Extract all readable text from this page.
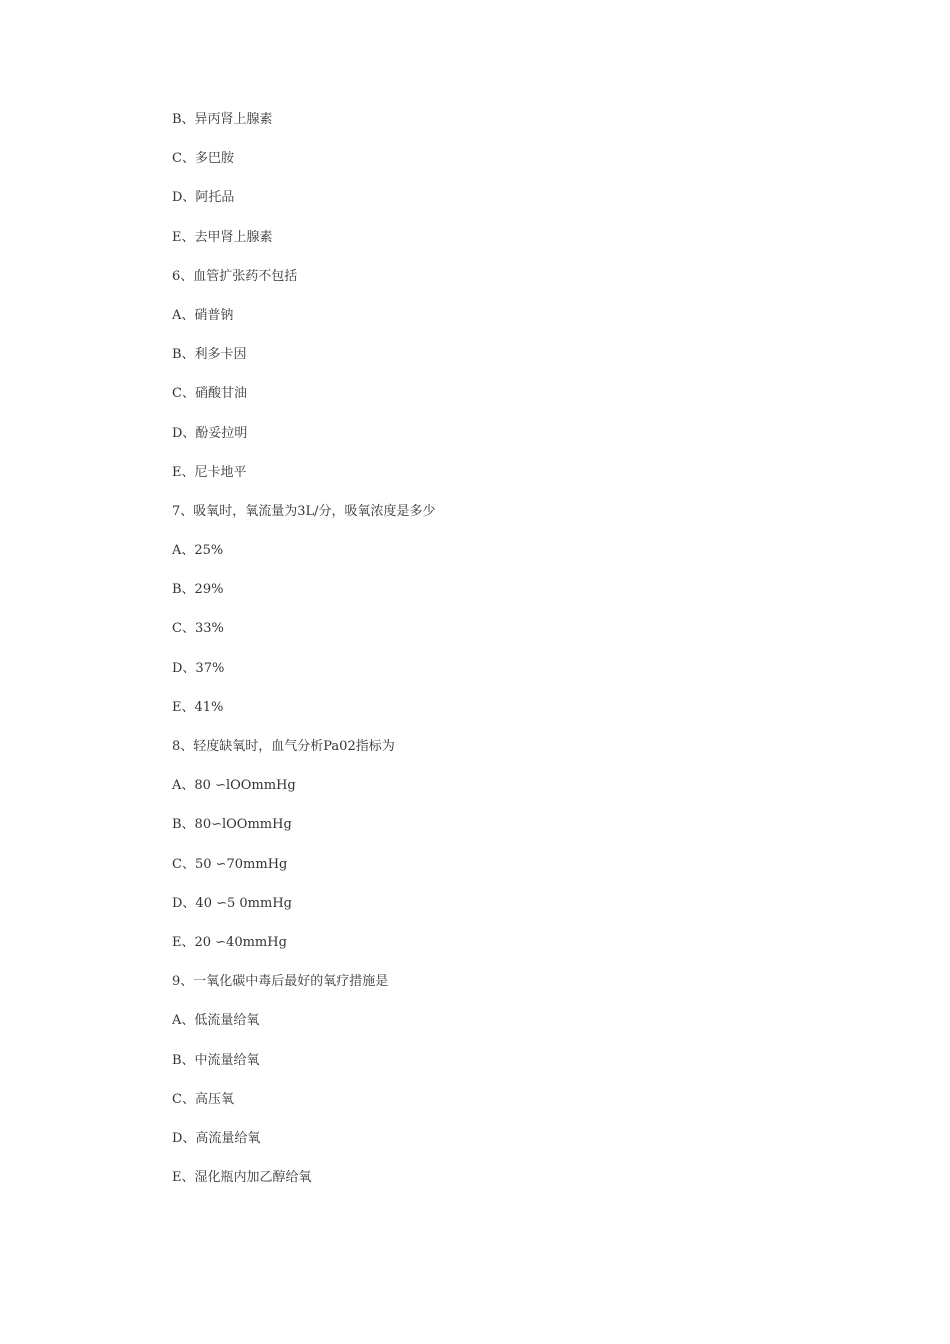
B、异丙肾上腺素
C、多巴胺
D、阿托品
E、去甲肾上腺素
6、血管扩张药不包括
A、硝普钠
B、利多卡因
C、硝酸甘油
D、酚妥拉明
E、尼卡地平
7、吸氧时，氧流量为3L/分，吸氧浓度是多少
A、25%
B、29%
C、33%
D、37%
E、41%
8、轻度缺氧时，血气分析Pa02指标为
A、80 ∽lOOmmHg
B、80∽lOOmmHg
C、50 ∽70mmHg
D、40 ∽5 0mmHg
E、20 ∽40mmHg
9、一氧化碳中毒后最好的氧疗措施是
A、低流量给氧
B、中流量给氧
C、高压氧
D、高流量给氧
E、湿化瓶内加乙醇给氧
